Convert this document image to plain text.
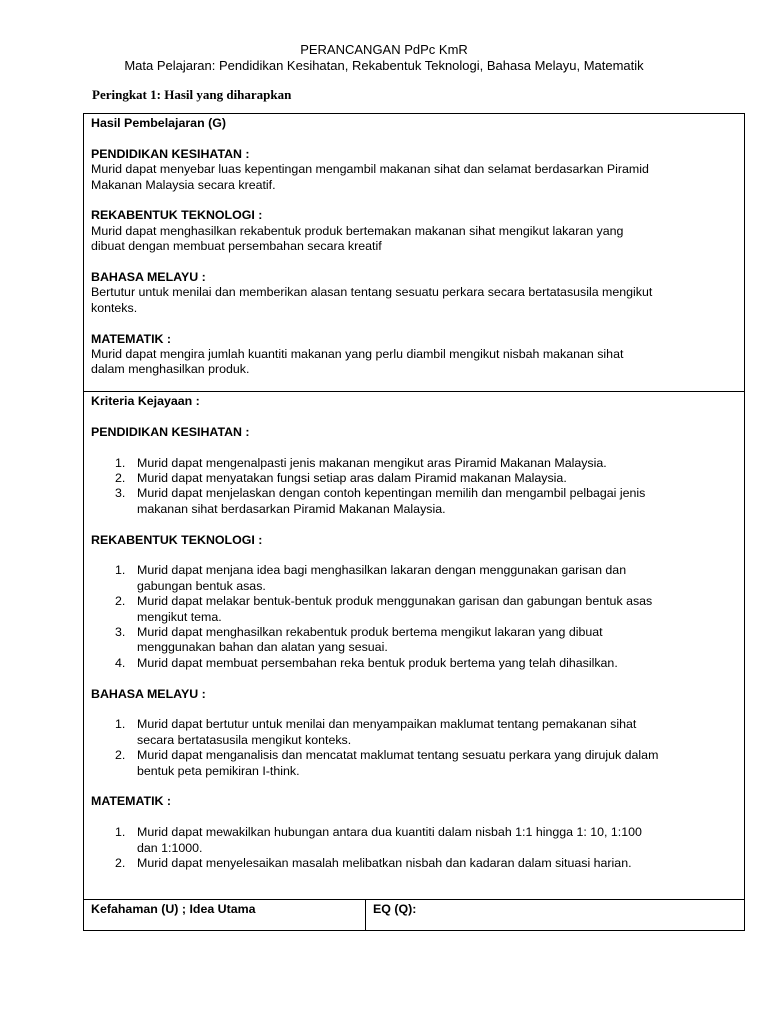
PERANCANGAN PdPc KmR
Mata Pelajaran: Pendidikan Kesihatan, Rekabentuk Teknologi, Bahasa Melayu, Matematik
Peringkat 1: Hasil yang diharapkan
Hasil Pembelajaran (G)
PENDIDIKAN KESIHATAN :
Murid dapat menyebar luas kepentingan mengambil makanan sihat dan selamat berdasarkan Piramid
Makanan Malaysia secara kreatif.
REKABENTUK TEKNOLOGI :
Murid dapat menghasilkan rekabentuk produk bertemakan makanan sihat mengikut lakaran yang
dibuat dengan membuat persembahan secara kreatif
BAHASA MELAYU :
Bertutur untuk menilai dan memberikan alasan tentang sesuatu perkara secara bertatasusila mengikut
konteks.
MATEMATIK :
Murid dapat mengira jumlah kuantiti makanan yang perlu diambil mengikut nisbah makanan sihat
dalam menghasilkan produk.
Kriteria Kejayaan :
PENDIDIKAN KESIHATAN :
1. Murid dapat mengenalpasti jenis makanan mengikut aras Piramid Makanan Malaysia.
2. Murid dapat menyatakan fungsi setiap aras dalam Piramid makanan Malaysia.
3. Murid dapat menjelaskan dengan contoh kepentingan memilih dan mengambil pelbagai jenis
makanan sihat berdasarkan Piramid Makanan Malaysia.
REKABENTUK TEKNOLOGI :
1. Murid dapat menjana idea bagi menghasilkan lakaran dengan menggunakan garisan dan
gabungan bentuk asas.
2. Murid dapat melakar bentuk-bentuk produk menggunakan garisan dan gabungan bentuk asas
mengikut tema.
3. Murid dapat menghasilkan rekabentuk produk bertema mengikut lakaran yang dibuat
menggunakan bahan dan alatan yang sesuai.
4. Murid dapat membuat persembahan reka bentuk produk bertema yang telah dihasilkan.
BAHASA MELAYU :
1. Murid dapat bertutur untuk menilai dan menyampaikan maklumat tentang pemakanan sihat
secara bertatasusila mengikut konteks.
2. Murid dapat menganalisis dan mencatat maklumat tentang sesuatu perkara yang dirujuk dalam
bentuk peta pemikiran I-think.
MATEMATIK :
1. Murid dapat mewakilkan hubungan antara dua kuantiti dalam nisbah 1:1 hingga 1: 10, 1:100
dan 1:1000.
2. Murid dapat menyelesaikan masalah melibatkan nisbah dan kadaran dalam situasi harian.
Kefahaman (U) ; Idea Utama	EQ (Q):
